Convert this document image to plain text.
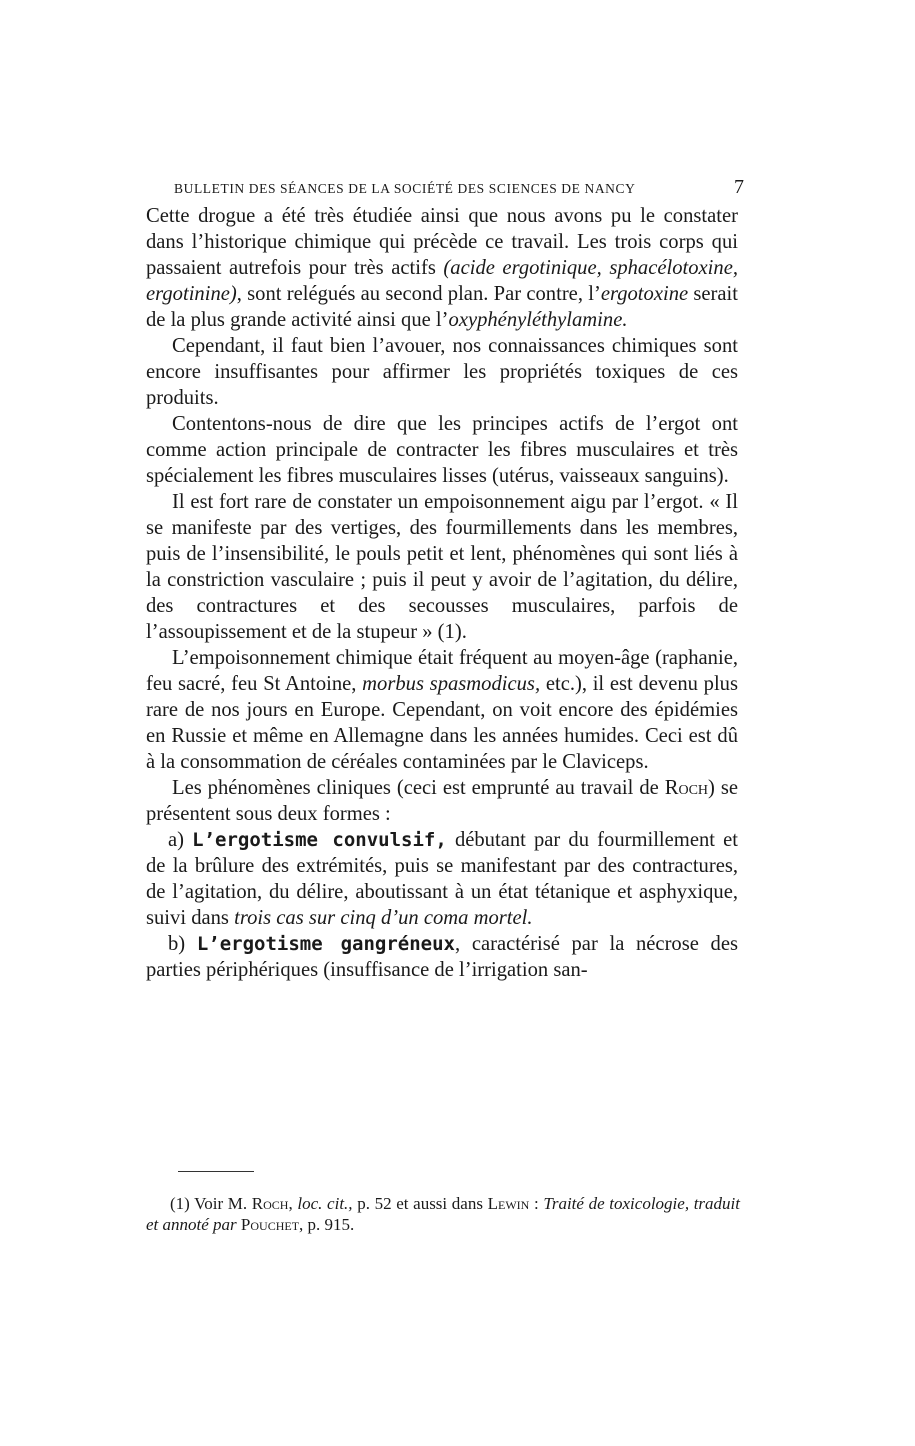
BULLETIN DES SÉANCES DE LA SOCIÉTÉ DES SCIENCES DE NANCY	7

Cette drogue a été très étudiée ainsi que nous avons pu le constater dans l’historique chimique qui précède ce travail. Les trois corps qui passaient autrefois pour très actifs (acide ergotinique, sphacélotoxine, ergotinine), sont relégués au second plan. Par contre, l’ergotoxine serait de la plus grande activité ainsi que l’oxyphényléthylamine.

Cependant, il faut bien l’avouer, nos connaissances chimiques sont encore insuffisantes pour affirmer les propriétés toxiques de ces produits.

Contentons-nous de dire que les principes actifs de l’ergot ont comme action principale de contracter les fibres musculaires et très spécialement les fibres musculaires lisses (utérus, vaisseaux sanguins).

Il est fort rare de constater un empoisonnement aigu par l’ergot. « Il se manifeste par des vertiges, des fourmillements dans les membres, puis de l’insensibilité, le pouls petit et lent, phénomènes qui sont liés à la constriction vasculaire ; puis il peut y avoir de l’agitation, du délire, des contractures et des secousses musculaires, parfois de l’assoupissement et de la stupeur » (1).

L’empoisonnement chimique était fréquent au moyen-âge (raphanie, feu sacré, feu St Antoine, morbus spasmodicus, etc.), il est devenu plus rare de nos jours en Europe. Cependant, on voit encore des épidémies en Russie et même en Allemagne dans les années humides. Ceci est dû à la consommation de céréales contaminées par le Claviceps.

Les phénomènes cliniques (ceci est emprunté au travail de Roch) se présentent sous deux formes :

a) L’ergotisme convulsif, débutant par du fourmillement et de la brûlure des extrémités, puis se manifestant par des contractures, de l’agitation, du délire, aboutissant à un état tétanique et asphyxique, suivi dans trois cas sur cinq d’un coma mortel.

b) L’ergotisme gangréneux, caractérisé par la nécrose des parties périphériques (insuffisance de l’irrigation san-

(1) Voir M. Roch, loc. cit., p. 52 et aussi dans Lewin : Traité de toxicologie, traduit et annoté par Pouchet, p. 915.
